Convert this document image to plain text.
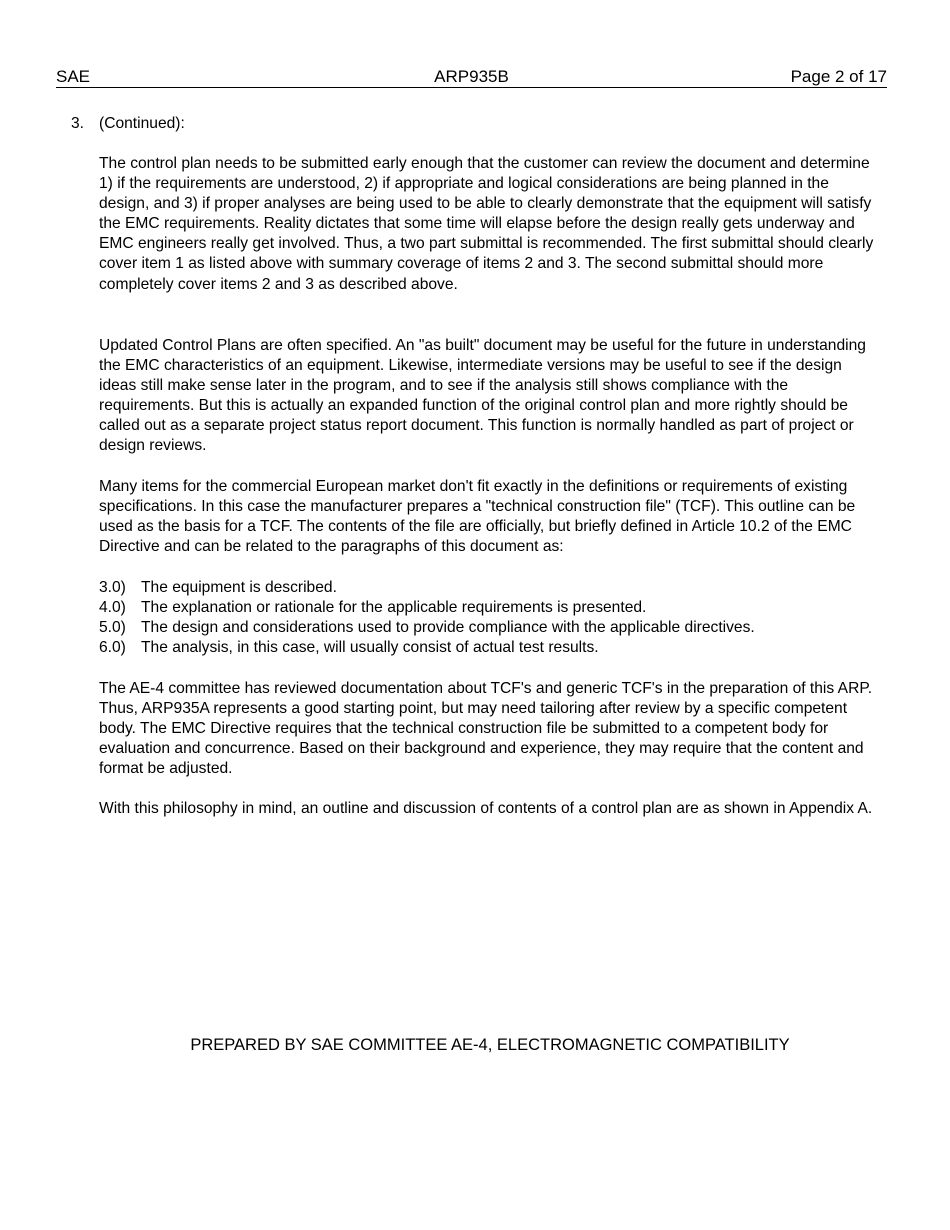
SAE	ARP935B	Page 2 of 17
3. (Continued):

The control plan needs to be submitted early enough that the customer can review the document and determine 1) if the requirements are understood, 2) if appropriate and logical considerations are being planned in the design, and 3) if proper analyses are being used to be able to clearly demonstrate that the equipment will satisfy the EMC requirements. Reality dictates that some time will elapse before the design really gets underway and EMC engineers really get involved. Thus, a two part submittal is recommended. The first submittal should clearly cover item 1 as listed above with summary coverage of items 2 and 3. The second submittal should more completely cover items 2 and 3 as described above.

Updated Control Plans are often specified. An "as built" document may be useful for the future in understanding the EMC characteristics of an equipment. Likewise, intermediate versions may be useful to see if the design ideas still make sense later in the program, and to see if the analysis still shows compliance with the requirements. But this is actually an expanded function of the original control plan and more rightly should be called out as a separate project status report document. This function is normally handled as part of project or design reviews.

Many items for the commercial European market don't fit exactly in the definitions or requirements of existing specifications. In this case the manufacturer prepares a "technical construction file" (TCF). This outline can be used as the basis for a TCF. The contents of the file are officially, but briefly defined in Article 10.2 of the EMC Directive and can be related to the paragraphs of this document as:

3.0) The equipment is described.
4.0) The explanation or rationale for the applicable requirements is presented.
5.0) The design and considerations used to provide compliance with the applicable directives.
6.0) The analysis, in this case, will usually consist of actual test results.

The AE-4 committee has reviewed documentation about TCF's and generic TCF's in the preparation of this ARP. Thus, ARP935A represents a good starting point, but may need tailoring after review by a specific competent body. The EMC Directive requires that the technical construction file be submitted to a competent body for evaluation and concurrence. Based on their background and experience, they may require that the content and format be adjusted.

With this philosophy in mind, an outline and discussion of contents of a control plan are as shown in Appendix A.

PREPARED BY SAE COMMITTEE AE-4, ELECTROMAGNETIC COMPATIBILITY
